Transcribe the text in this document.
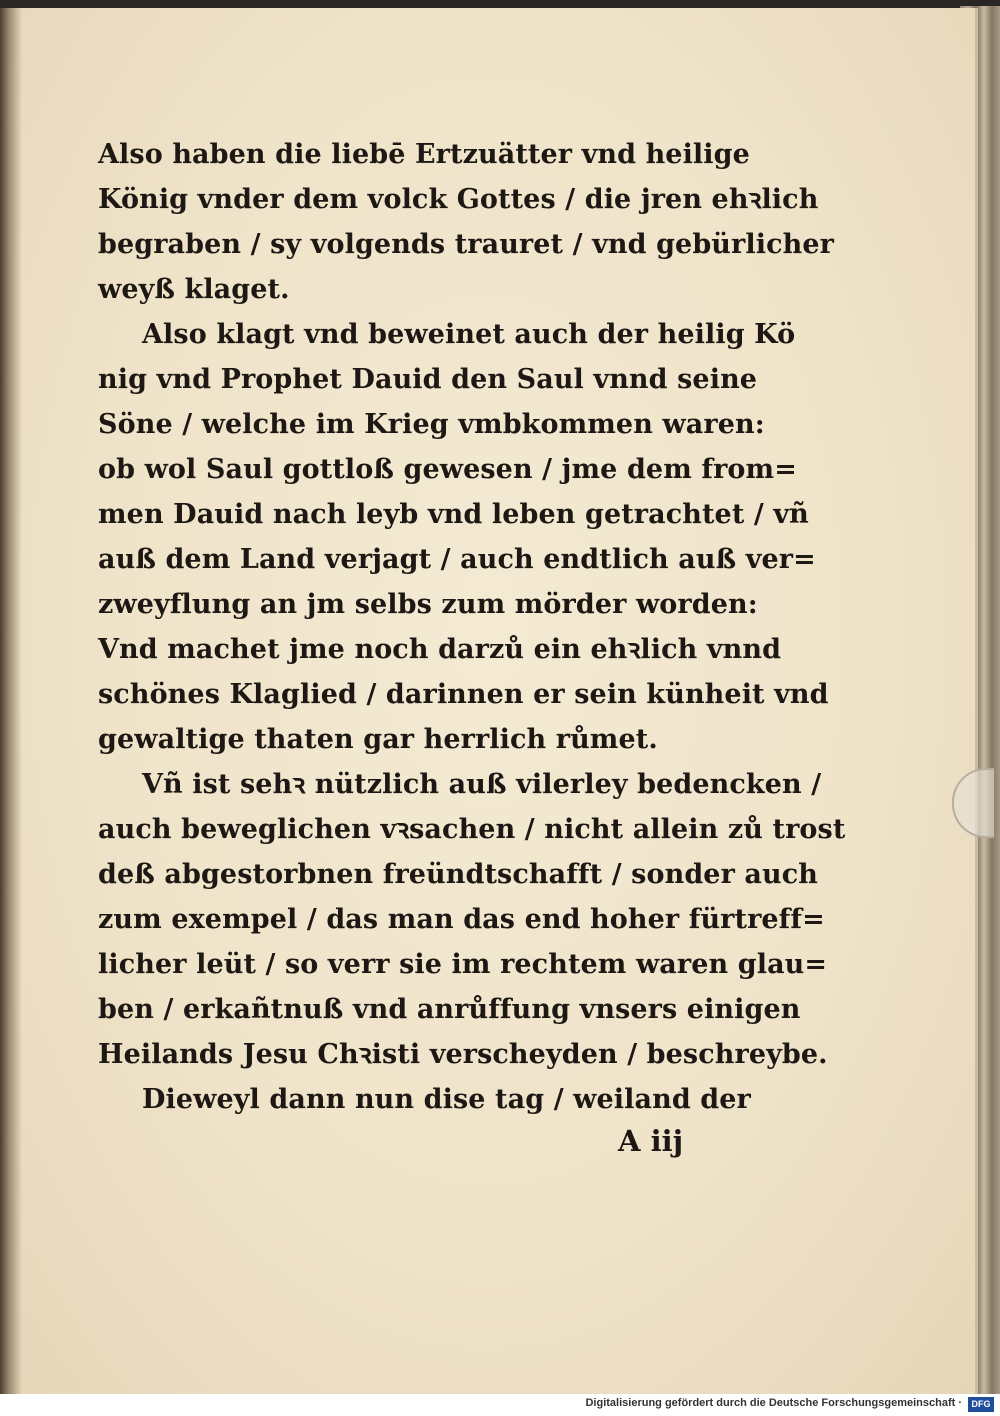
Also haben die liebē Ertzuätter vnd heilige
König vnder dem volck Gottes / die jren ehꝛlich
begraben / sy volgends trauret / vnd gebürlicher
weyß klaget.
Also klagt vnd beweinet auch der heilig Kö
nig vnd Prophet Dauid den Saul vnnd seine
Söne / welche im Krieg vmbkommen waren:
ob wol Saul gottloß gewesen / jme dem from=
men Dauid nach leyb vnd leben getrachtet / vñ
auß dem Land verjagt / auch endtlich auß ver=
zweyflung an jm selbs zum mörder worden:
Vnd machet jme noch darzů ein ehꝛlich vnnd
schönes Klaglied / darinnen er sein künheit vnd
gewaltige thaten gar herrlich růmet.
Vñ ist sehꝛ nützlich auß vilerley bedencken /
auch beweglichen vꝛsachen / nicht allein zů trost
deß abgestorbnen freündtschafft / sonder auch
zum exempel / das man das end hoher fürtreff=
licher leüt / so verr sie im rechtem waren glau=
ben / erkañtnuß vnd anrůffung vnsers einigen
Heilands Jesu Chꝛisti verscheyden / beschreybe.
Dieweyl dann nun dise tag / weiland der
A iij
Digitalisierung gefördert durch die Deutsche Forschungsgemeinschaft ·	DFG
